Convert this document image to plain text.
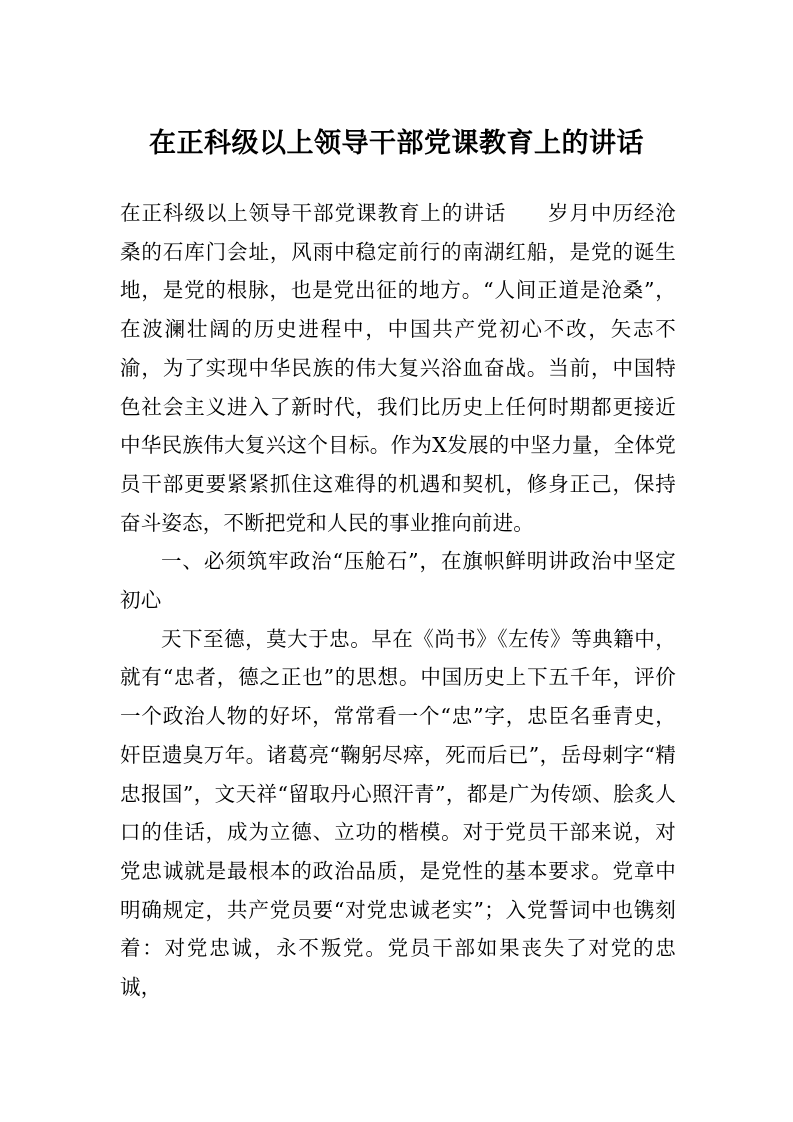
在正科级以上领导干部党课教育上的讲话

在正科级以上领导干部党课教育上的讲话 岁月中历经沧桑的石库门会址，风雨中稳定前行的南湖红船，是党的诞生地，是党的根脉，也是党出征的地方。“人间正道是沧桑”，在波澜壮阔的历史进程中，中国共产党初心不改，矢志不渝，为了实现中华民族的伟大复兴浴血奋战。当前，中国特色社会主义进入了新时代，我们比历史上任何时期都更接近中华民族伟大复兴这个目标。作为X发展的中坚力量，全体党员干部更要紧紧抓住这难得的机遇和契机，修身正己，保持奋斗姿态，不断把党和人民的事业推向前进。

一、必须筑牢政治“压舱石”，在旗帜鲜明讲政治中坚定初心

天下至德，莫大于忠。早在《尚书》《左传》等典籍中，就有“忠者，德之正也”的思想。中国历史上下五千年，评价一个政治人物的好坏，常常看一个“忠”字，忠臣名垂青史，奸臣遗臭万年。诸葛亮“鞠躬尽瘁，死而后已”，岳母刺字“精忠报国”，文天祥“留取丹心照汗青”，都是广为传颂、脍炙人口的佳话，成为立德、立功的楷模。对于党员干部来说，对党忠诚就是最根本的政治品质，是党性的基本要求。党章中明确规定，共产党员要“对党忠诚老实”；入党誓词中也镌刻着：对党忠诚，永不叛党。党员干部如果丧失了对党的忠诚，
